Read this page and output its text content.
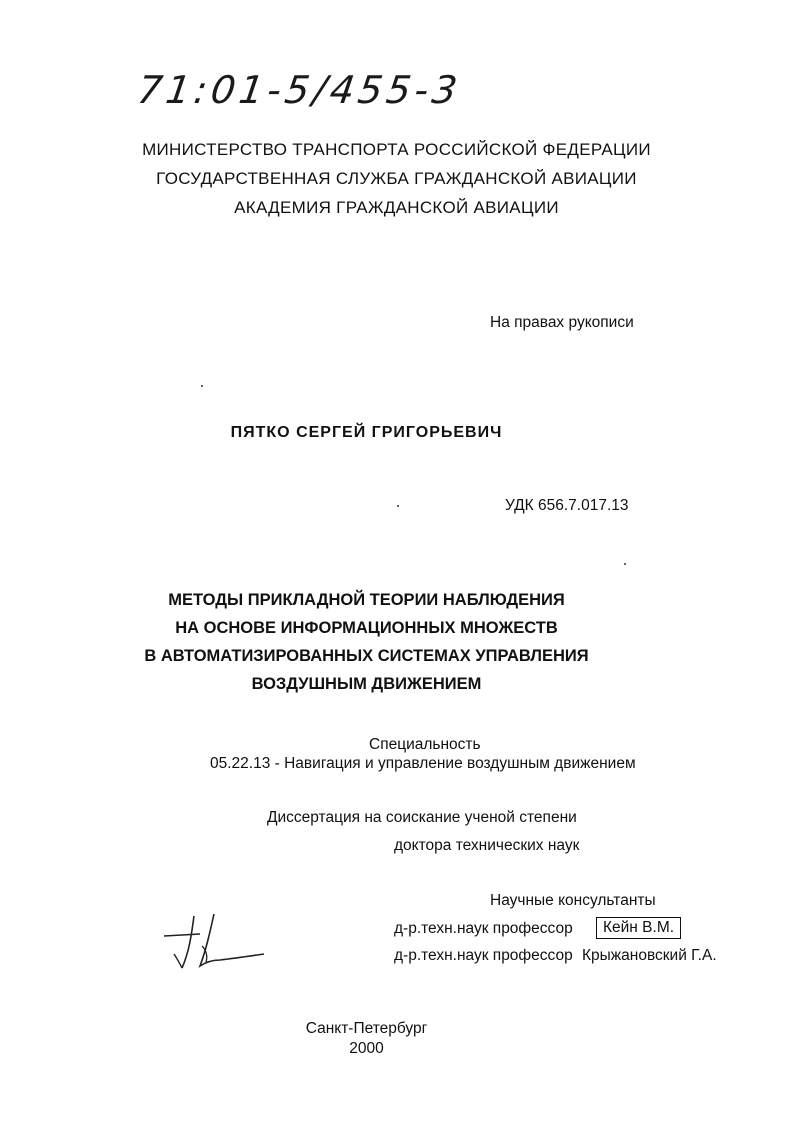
71:01-5/455-3
МИНИСТЕРСТВО ТРАНСПОРТА РОССИЙСКОЙ ФЕДЕРАЦИИ
ГОСУДАРСТВЕННАЯ СЛУЖБА ГРАЖДАНСКОЙ АВИАЦИИ
АКАДЕМИЯ ГРАЖДАНСКОЙ АВИАЦИИ
На правах рукописи
ПЯТКО СЕРГЕЙ ГРИГОРЬЕВИЧ
УДК 656.7.017.13
МЕТОДЫ ПРИКЛАДНОЙ ТЕОРИИ НАБЛЮДЕНИЯ
НА ОСНОВЕ ИНФОРМАЦИОННЫХ МНОЖЕСТВ
В АВТОМАТИЗИРОВАННЫХ СИСТЕМАХ УПРАВЛЕНИЯ
ВОЗДУШНЫМ ДВИЖЕНИЕМ
Специальность
05.22.13 - Навигация и управление воздушным движением
Диссертация на соискание ученой степени
доктора технических наук
Научные консультанты
д-р.техн.наук профессор	Кейн В.М.
д-р.техн.наук профессор Крыжановский Г.А.
Санкт-Петербург
2000
